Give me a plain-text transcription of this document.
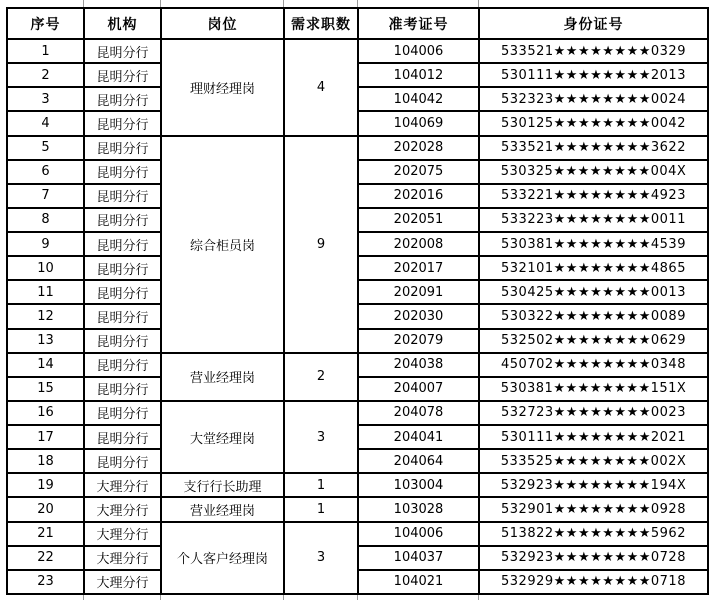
序号	机构	岗位	需求职数	准考证号	身份证号
1	昆明分行	理财经理岗	4	104006	533521★★★★★★★★0329
2	昆明分行			104012	530111★★★★★★★★2013
3	昆明分行			104042	532323★★★★★★★★0024
4	昆明分行			104069	530125★★★★★★★★0042
5	昆明分行	综合柜员岗	9	202028	533521★★★★★★★★3622
6	昆明分行			202075	530325★★★★★★★★004X
7	昆明分行			202016	533221★★★★★★★★4923
8	昆明分行			202051	533223★★★★★★★★0011
9	昆明分行			202008	530381★★★★★★★★4539
10	昆明分行			202017	532101★★★★★★★★4865
11	昆明分行			202091	530425★★★★★★★★0013
12	昆明分行			202030	530322★★★★★★★★0089
13	昆明分行			202079	532502★★★★★★★★0629
14	昆明分行	营业经理岗	2	204038	450702★★★★★★★★0348
15	昆明分行			204007	530381★★★★★★★★151X
16	昆明分行	大堂经理岗	3	204078	532723★★★★★★★★0023
17	昆明分行			204041	530111★★★★★★★★2021
18	昆明分行			204064	533525★★★★★★★★002X
19	大理分行	支行行长助理	1	103004	532923★★★★★★★★194X
20	大理分行	营业经理岗	1	103028	532901★★★★★★★★0928
21	大理分行	个人客户经理岗	3	104006	513822★★★★★★★★5962
22	大理分行			104037	532923★★★★★★★★0728
23	大理分行			104021	532929★★★★★★★★0718
